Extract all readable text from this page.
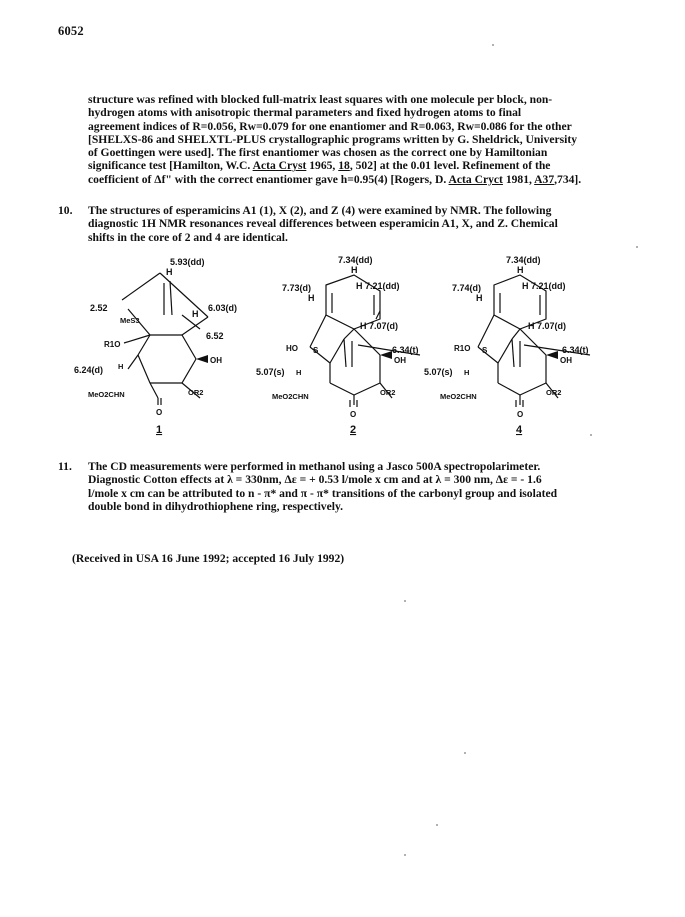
6052
structure was refined with blocked full-matrix least squares with one molecule per block, non-
hydrogen atoms with anisotropic thermal parameters and fixed hydrogen atoms to final
agreement indices of R=0.056, Rw=0.079 for one enantiomer and R=0.063, Rw=0.086 for the other
[SHELXS-86 and SHELXTL-PLUS crystallographic programs written by G. Sheldrick, University
of Goettingen were used]. The first enantiomer was chosen as the correct one by Hamiltonian
significance test [Hamilton, W.C. Acta Cryst 1965, 18, 502] at the 0.01 level. Refinement of the
coefficient of Δf" with the correct enantiomer gave h=0.95(4) [Rogers, D. Acta Cryct 1981, A37,734].
10. The structures of esperamicins A1 (1), X (2), and Z (4) were examined by NMR. The following
diagnostic 1H NMR resonances reveal differences between esperamicin A1, X, and Z. Chemical
shifts in the core of 2 and 4 are identical.
5.93(dd)
H
2.52	6.03(d)
H
MeS3
6.52
R1O
OH
6.24(d) H
MeO2CHN	OR2
O
1
7.34(dd)
H
7.73(d)
H
H 7.21(dd)
H 7.07(d)
HO S	6.34(t)
OH
5.07(s) H
MeO2CHN	OR2
O
2
7.34(dd)
H
7.74(d)
H
H 7.21(dd)
H 7.07(d)
R1O S	6.34(t)
OH
5.07(s) H
MeO2CHN	OR2
O
4
11. The CD measurements were performed in methanol using a Jasco 500A spectropolarimeter.
Diagnostic Cotton effects at λ = 330nm, Δε = + 0.53 l/mole x cm and at λ = 300 nm, Δε = - 1.6
l/mole x cm can be attributed to n - π* and π - π* transitions of the carbonyl group and isolated
double bond in dihydrothiophene ring, respectively.
(Received in USA 16 June 1992; accepted 16 July 1992)
